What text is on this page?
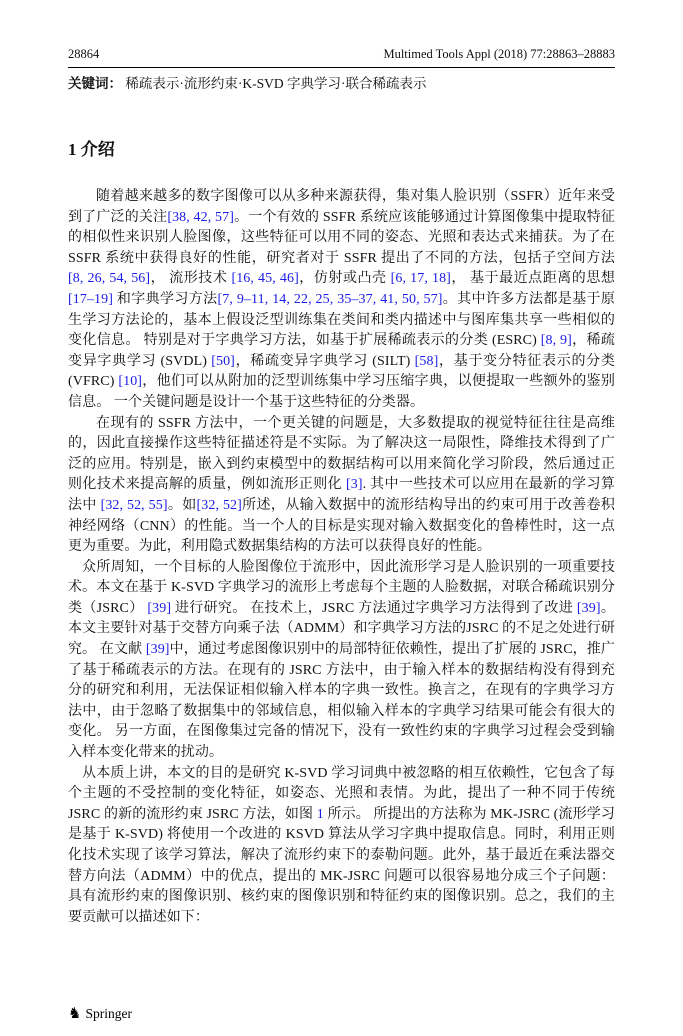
28864	Multimed Tools Appl (2018) 77:28863–28883

关键词： 稀疏表示·流形约束·K-SVD 字典学习·联合稀疏表示

1 介绍

随着越来越多的数字图像可以从多种来源获得，集对集人脸识别（SSFR）近年来受到了广泛的关注[38, 42, 57]。一个有效的 SSFR 系统应该能够通过计算图像集中提取特征的相似性来识别人脸图像，这些特征可以用不同的姿态、光照和表达式来捕获。为了在 SSFR 系统中获得良好的性能，研究者对于 SSFR 提出了不同的方法，包括子空间方法 [8, 26, 54, 56]， 流形技术 [16, 45, 46]，仿射或凸壳 [6, 17, 18]， 基于最近点距离的思想 [17–19] 和字典学习方法[7, 9–11, 14, 22, 25, 35–37, 41, 50, 57]。其中许多方法都是基于原生学习方法论的，基本上假设泛型训练集在类间和类内描述中与图库集共享一些相似的变化信息。 特别是对于字典学习方法，如基于扩展稀疏表示的分类 (ESRC) [8, 9]，稀疏变异字典学习 (SVDL) [50]，稀疏变异字典学习 (SILT) [58]，基于变分特征表示的分类 (VFRC) [10]，他们可以从附加的泛型训练集中学习压缩字典，以便提取一些额外的鉴别信息。 一个关键问题是设计一个基于这些特征的分类器。

在现有的 SSFR 方法中，一个更关键的问题是，大多数提取的视觉特征往往是高维的，因此直接操作这些特征描述符是不实际。为了解决这一局限性，降维技术得到了广泛的应用。特别是，嵌入到约束模型中的数据结构可以用来简化学习阶段，然后通过正则化技术来提高解的质量，例如流形正则化 [3]. 其中一些技术可以应用在最新的学习算法中 [32, 52, 55]。如[32, 52]所述，从输入数据中的流形结构导出的约束可用于改善卷积神经网络（CNN）的性能。当一个人的目标是实现对输入数据变化的鲁棒性时，这一点更为重要。为此，利用隐式数据集结构的方法可以获得良好的性能。

众所周知，一个目标的人脸图像位于流形中，因此流形学习是人脸识别的一项重要技术。本文在基于 K-SVD 字典学习的流形上考虑每个主题的人脸数据，对联合稀疏识别分类（JSRC） [39] 进行研究。 在技术上，JSRC 方法通过字典学习方法得到了改进 [39]。本文主要针对基于交替方向乘子法（ADMM）和字典学习方法的JSRC 的不足之处进行研究。 在文献 [39]中，通过考虑图像识别中的局部特征依赖性，提出了扩展的 JSRC，推广了基于稀疏表示的方法。在现有的 JSRC 方法中，由于输入样本的数据结构没有得到充分的研究和利用，无法保证相似输入样本的字典一致性。换言之，在现有的字典学习方法中，由于忽略了数据集中的邻域信息，相似输入样本的字典学习结果可能会有很大的变化。 另一方面，在图像集过完备的情况下，没有一致性约束的字典学习过程会受到输入样本变化带来的扰动。

从本质上讲，本文的目的是研究 K-SVD 学习词典中被忽略的相互依赖性，它包含了每个主题的不受控制的变化特征，如姿态、光照和表情。为此，提出了一种不同于传统 JSRC 的新的流形约束 JSRC 方法，如图 1 所示。 所提出的方法称为 MK-JSRC (流形学习是基于 K-SVD) 将使用一个改进的 KSVD 算法从学习字典中提取信息。同时，利用正则化技术实现了该学习算法，解决了流形约束下的泰勒问题。此外，基于最近在乘法器交替方向法（ADMM）中的优点，提出的 MK-JSRC 问题可以很容易地分成三个子问题：具有流形约束的图像识别、核约束的图像识别和特征约束的图像识别。总之，我们的主要贡献可以描述如下：

♞ Springer
